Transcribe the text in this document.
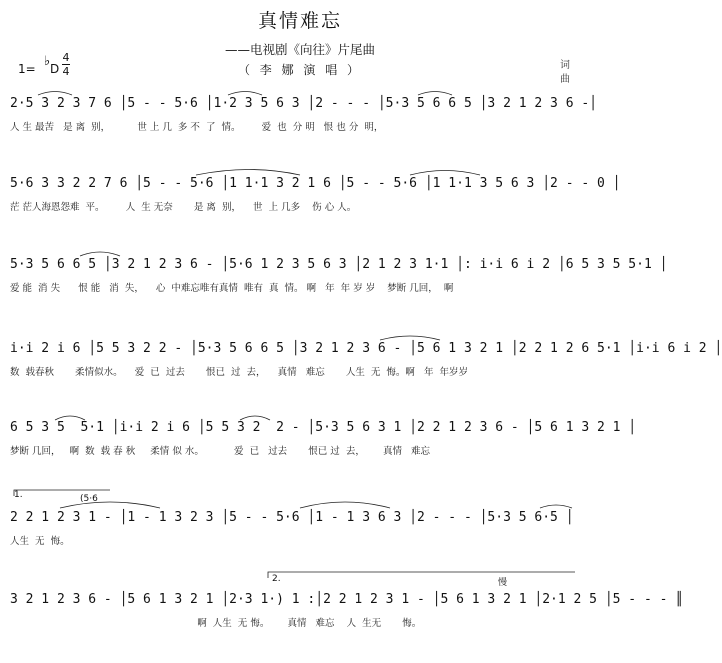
真情难忘
——电视剧《向往》片尾曲
（ 李 娜 演 唱 ）	词
曲
1= ♭ D
4
4
2·5 3 2 3 7 6 │5 - - 5·6 │1·2 3 5 6 3 │2 - - - │5·3 5 6 6 5 │3 2 1 2 3 6 -│
人 生 最苦   是 离  别，         世 上 几  多 不  了  情。       爱  也  分 明   恨 也 分  明，
5·6 3 3 2 2 7 6 │5 - - 5·6 │1 1·1 3 2 1 6 │5 - - 5·6 │1 1·1 3 5 6 3 │2 - - 0 │
茫 茫人海恩怨难  平。       人  生 无奈       是 离  别，    世  上 几多    伤 心 人。
5·3 5 6 6 5 │3 2 1 2 3 6 - │5·6 1 2 3 5 6 3 │2 1 2 3 1·1 │: i·i 6 i 2 │6 5 3 5 5·1 │
爱 能  消 失      恨 能   消  失，    心  中难忘唯有真情  唯有  真  情。 啊   年  年 岁 岁    梦断 几回，  啊
i·i 2 i 6 │5 5 3 2 2 - │5·3 5 6 6 5 │3 2 1 2 3 6 - │5 6 1 3 2 1 │2 2 1 2 6 5·1 │i·i 6 i 2 │
数  载春秋       柔情似水。    爱  已  过去       恨已  过  去，    真情   难忘       人生  无  悔。啊   年  年岁岁
6 5 3 5  5·1 │i·i 2 i 6 │5 5 3 2  2 - │5·3 5 6 3 1 │2 2 1 2 3 6 - │5 6 1 3 2 1 │
梦断 几回，   啊  数  载 春 秋     柔情 似 水。          爱  已   过去       恨已 过  去，      真情   难忘
1.	(5·6
2 2 1 2 3 1 - │1 - 1 3 2 3 │5 - - 5·6 │1 - 1 3 6 3 │2 - - - │5·3 5 6·5 │
人生  无  悔。
2.	慢
3 2 1 2 3 6 - │5 6 1 3 2 1 │2·3 1·) 1 :│2 2 1 2 3 1 - │5 6 1 3 2 1 │2·1 2 5 │5 - - - ║
啊  人生  无 悔。      真情   难忘    人  生无       悔。
